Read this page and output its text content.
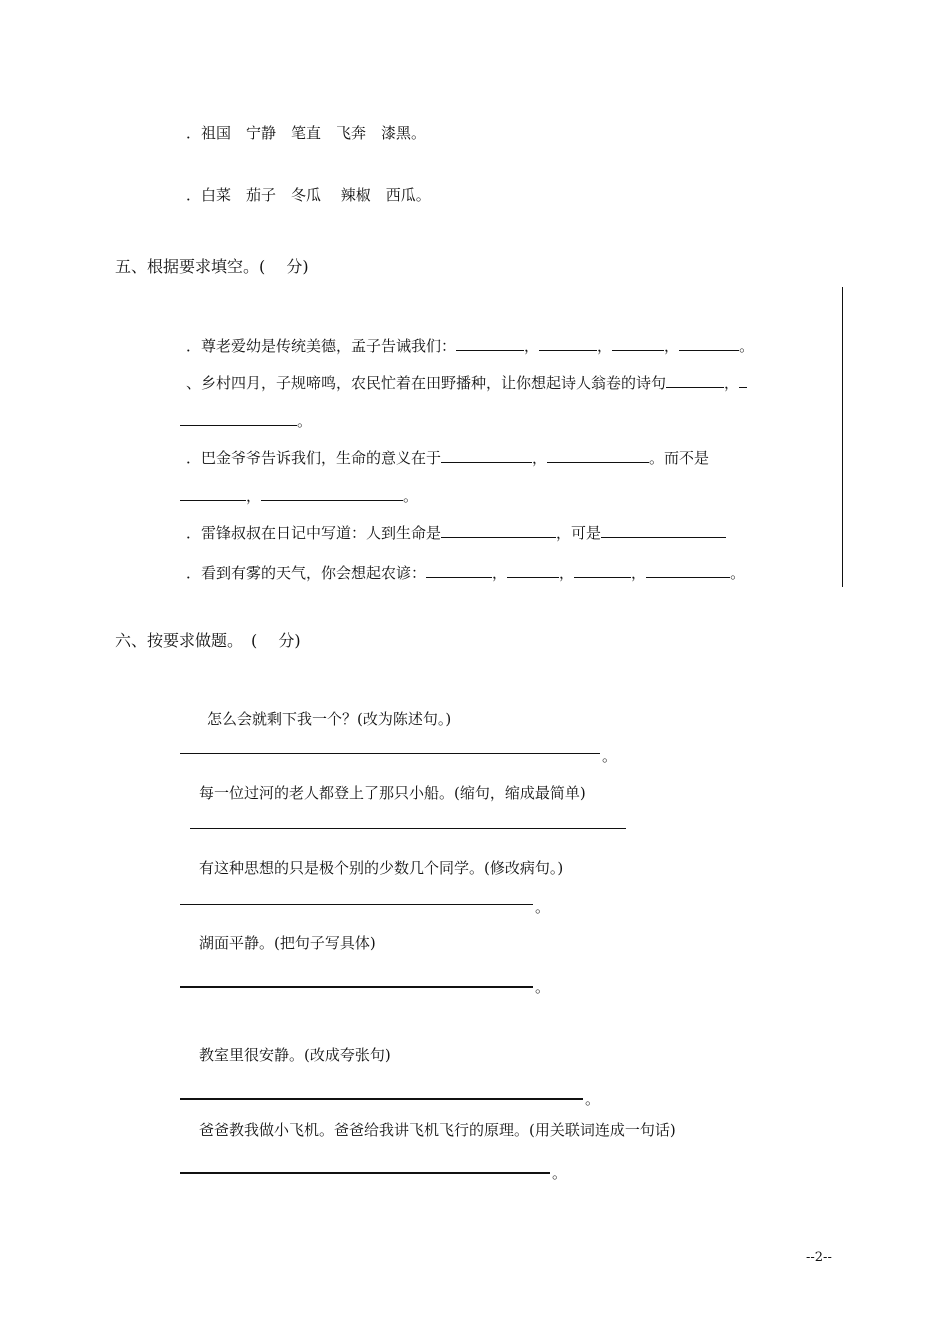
．祖国　宁静　笔直　飞奔　漆黑。
．白菜　茄子　冬瓜　 辣椒　西瓜。
五、根据要求填空。(　 分)
．尊老爱幼是传统美德，孟子告诫我们：	，	，	，	。
、乡村四月，子规啼鸣，农民忙着在田野播种，让你想起诗人翁卷的诗句	，
。
．巴金爷爷告诉我们，生命的意义在于	，	。而不是
，	。
．雷锋叔叔在日记中写道：人到生命是	，可是
．看到有雾的天气，你会想起农谚：	，	，	，	。
六、按要求做题。　(　 分)
怎么会就剩下我一个？(改为陈述句。)
。
每一位过河的老人都登上了那只小船。(缩句，缩成最简单)
有这种思想的只是极个别的少数几个同学。(修改病句。)
。
湖面平静。(把句子写具体)
。
教室里很安静。(改成夸张句)
。
爸爸教我做小飞机。爸爸给我讲飞机飞行的原理。(用关联词连成一句话)
。
--2--
